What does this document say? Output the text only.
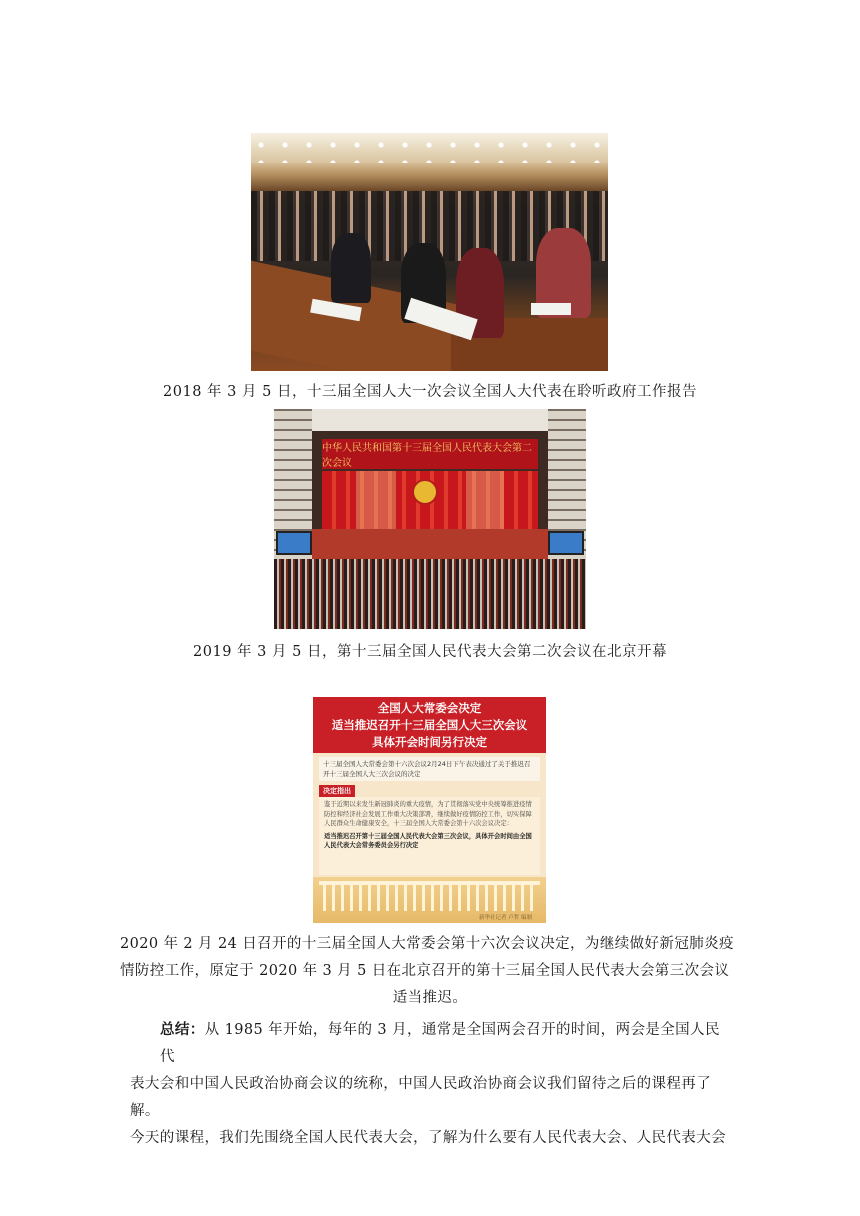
2018 年 3 月 5 日，十三届全国人大一次会议全国人大代表在聆听政府工作报告
中华人民共和国第十三届全国人民代表大会第二次会议
2019 年 3 月 5 日，第十三届全国人民代表大会第二次会议在北京开幕
全国人大常委会决定
适当推迟召开十三届全国人大三次会议
具体开会时间另行决定
十三届全国人大常委会第十六次会议2月24日下午表决通过了关于推迟召开十三届全国人大三次会议的决定
决定指出
鉴于近期以来发生新冠肺炎的重大疫情，为了贯彻落实党中央统筹推进疫情防控和经济社会发展工作重大决策部署，继续做好疫情防控工作，切实保障人民群众生命健康安全，十三届全国人大常委会第十六次会议决定：
适当推迟召开第十三届全国人民代表大会第三次会议，具体开会时间由全国人民代表大会常务委员会另行决定
新华社记者 卢哲 编制
2020 年 2 月 24 日召开的十三届全国人大常委会第十六次会议决定，为继续做好新冠肺炎疫
情防控工作，原定于 2020 年 3 月 5 日在北京召开的第十三届全国人民代表大会第三次会议
适当推迟。
总结：从 1985 年开始，每年的 3 月，通常是全国两会召开的时间，两会是全国人民代
表大会和中国人民政治协商会议的统称，中国人民政治协商会议我们留待之后的课程再了解。
今天的课程，我们先围绕全国人民代表大会，了解为什么要有人民代表大会、人民代表大会
